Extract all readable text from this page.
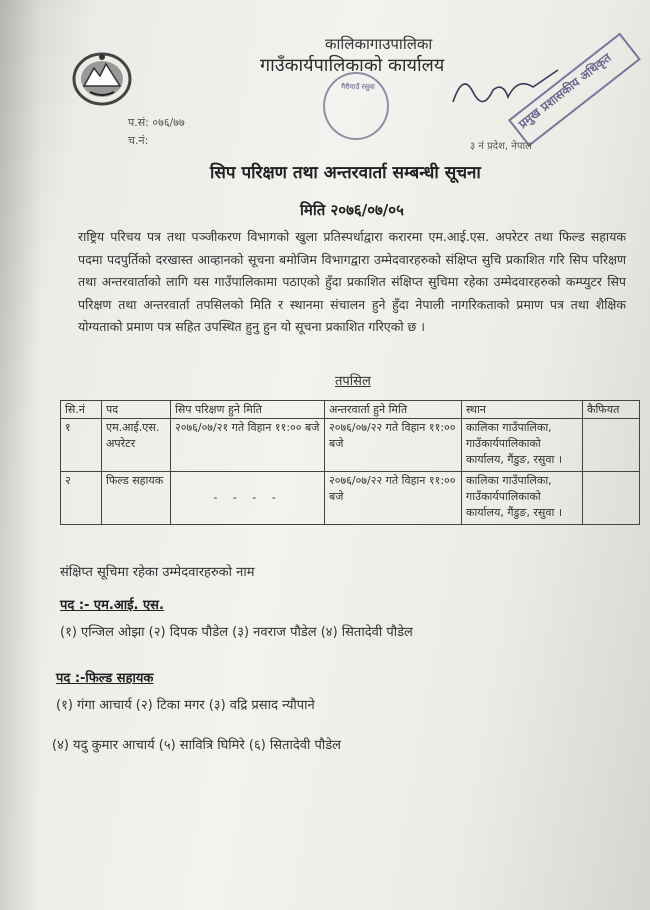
कालिकागाउपालिका
गाउँकार्यपालिकाको कार्यालय
प.सं: ०७६/७७
च.नं:
गैरीगाउँ रसुवा	प्रमुख प्रशासकीय अधिकृत
३ नं प्रदेश, नेपाल
सिप परिक्षण तथा अन्तरवार्ता सम्बन्धी सूचना
मिति २०७६/०७/०५
राष्ट्रिय परिचय पत्र तथा पञ्जीकरण विभागको खुला प्रतिस्पर्धाद्वारा करारमा एम.आई.एस. अपरेटर तथा फिल्ड सहायक पदमा पदपुर्तिको दरखास्त आव्हानको सूचना बमोजिम विभागद्वारा उम्मेदवारहरुको संक्षिप्त सुचि प्रकाशित गरि सिप परिक्षण तथा अन्तरवार्ताको लागि यस गाउँपालिकामा पठाएको हुँदा प्रकाशित संक्षिप्त सुचिमा रहेका उम्मेदवारहरुको कम्प्युटर सिप परिक्षण तथा अन्तरवार्ता तपसिलको मिति र स्थानमा संचालन हुने हुँदा नेपाली नागरिकताको प्रमाण पत्र तथा शैक्षिक योग्यताको प्रमाण पत्र सहित उपस्थित हुनु हुन यो सूचना प्रकाशित गरिएको छ ।
तपसिल
सि.नं	पद	सिप परिक्षण हुने मिति	अन्तरवार्ता हुने मिति	स्थान	कैफियत
१	एम.आई.एस. अपरेटर	२०७६/०७/२१ गते विहान ११:०० बजे	२०७६/०७/२२ गते विहान ११:०० बजे	कालिका गाउँपालिका, गाउँकार्यपालिकाको कार्यालय, गैंडुङ, रसुवा ।	
२	फिल्ड सहायक	- - - -	२०७६/०७/२२ गते विहान ११:०० बजे	कालिका गाउँपालिका, गाउँकार्यपालिकाको कार्यालय, गैंडुङ, रसुवा ।	
संक्षिप्त सूचिमा रहेका उम्मेदवारहरुको नाम
पद :- एम.आई. एस.
(१) एन्जिल ओझा (२) दिपक पौडेल (३) नवराज पौडेल (४) सितादेवी पौडेल
पद :-फिल्ड सहायक
(१) गंगा आचार्य (२) टिका मगर (३) वद्रि प्रसाद न्यौपाने
(४) यदु कुमार आचार्य (५) सावित्रि घिमिरे (६) सितादेवी पौडेल
